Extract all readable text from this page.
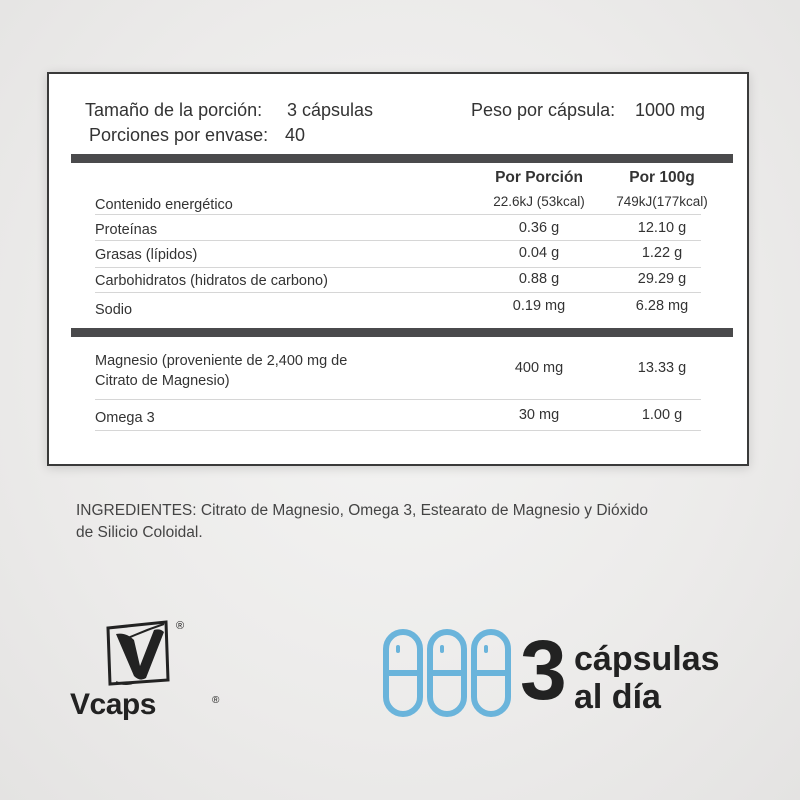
Tamaño de la porción: 3 cápsulas
Porciones por envase: 40
Peso por cápsula: 1000 mg
Por Porción	Por 100g
Contenido energético	22.6kJ (53kcal)	749kJ(177kcal)
Proteínas	0.36 g	12.10 g
Grasas (lípidos)	0.04 g	1.22 g
Carbohidratos (hidratos de carbono)	0.88 g	29.29 g
Sodio	0.19 mg	6.28 mg
Magnesio (proveniente de 2,400 mg de
Citrato de Magnesio)
400 mg	13.33 g
Omega 3	30 mg	1.00 g
INGREDIENTES: Citrato de Magnesio, Omega 3, Estearato de Magnesio y Dióxido
de Silicio Coloidal.
®
Vcaps	®	3 cápsulas
al día
